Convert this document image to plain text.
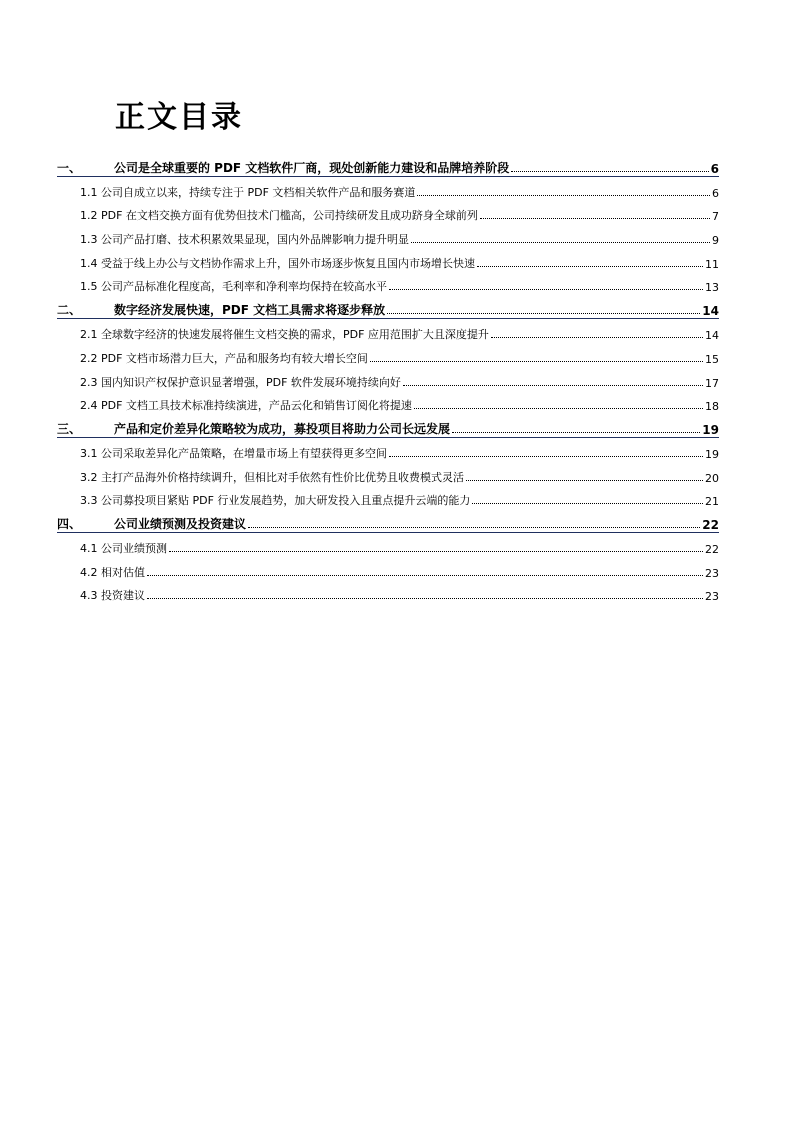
正文目录
一、	公司是全球重要的 PDF 文档软件厂商，现处创新能力建设和品牌培养阶段	6
1.1 公司自成立以来，持续专注于 PDF 文档相关软件产品和服务赛道	6
1.2 PDF 在文档交换方面有优势但技术门槛高，公司持续研发且成功跻身全球前列	7
1.3 公司产品打磨、技术积累效果显现，国内外品牌影响力提升明显	9
1.4 受益于线上办公与文档协作需求上升，国外市场逐步恢复且国内市场增长快速	11
1.5 公司产品标准化程度高，毛利率和净利率均保持在较高水平	13
二、	数字经济发展快速，PDF 文档工具需求将逐步释放	14
2.1 全球数字经济的快速发展将催生文档交换的需求，PDF 应用范围扩大且深度提升	14
2.2 PDF 文档市场潜力巨大，产品和服务均有较大增长空间	15
2.3 国内知识产权保护意识显著增强，PDF 软件发展环境持续向好	17
2.4 PDF 文档工具技术标准持续演进，产品云化和销售订阅化将提速	18
三、	产品和定价差异化策略较为成功，募投项目将助力公司长远发展	19
3.1 公司采取差异化产品策略，在增量市场上有望获得更多空间	19
3.2 主打产品海外价格持续调升，但相比对手依然有性价比优势且收费模式灵活	20
3.3 公司募投项目紧贴 PDF 行业发展趋势，加大研发投入且重点提升云端的能力	21
四、	公司业绩预测及投资建议	22
4.1 公司业绩预测	22
4.2 相对估值	23
4.3 投资建议	23
